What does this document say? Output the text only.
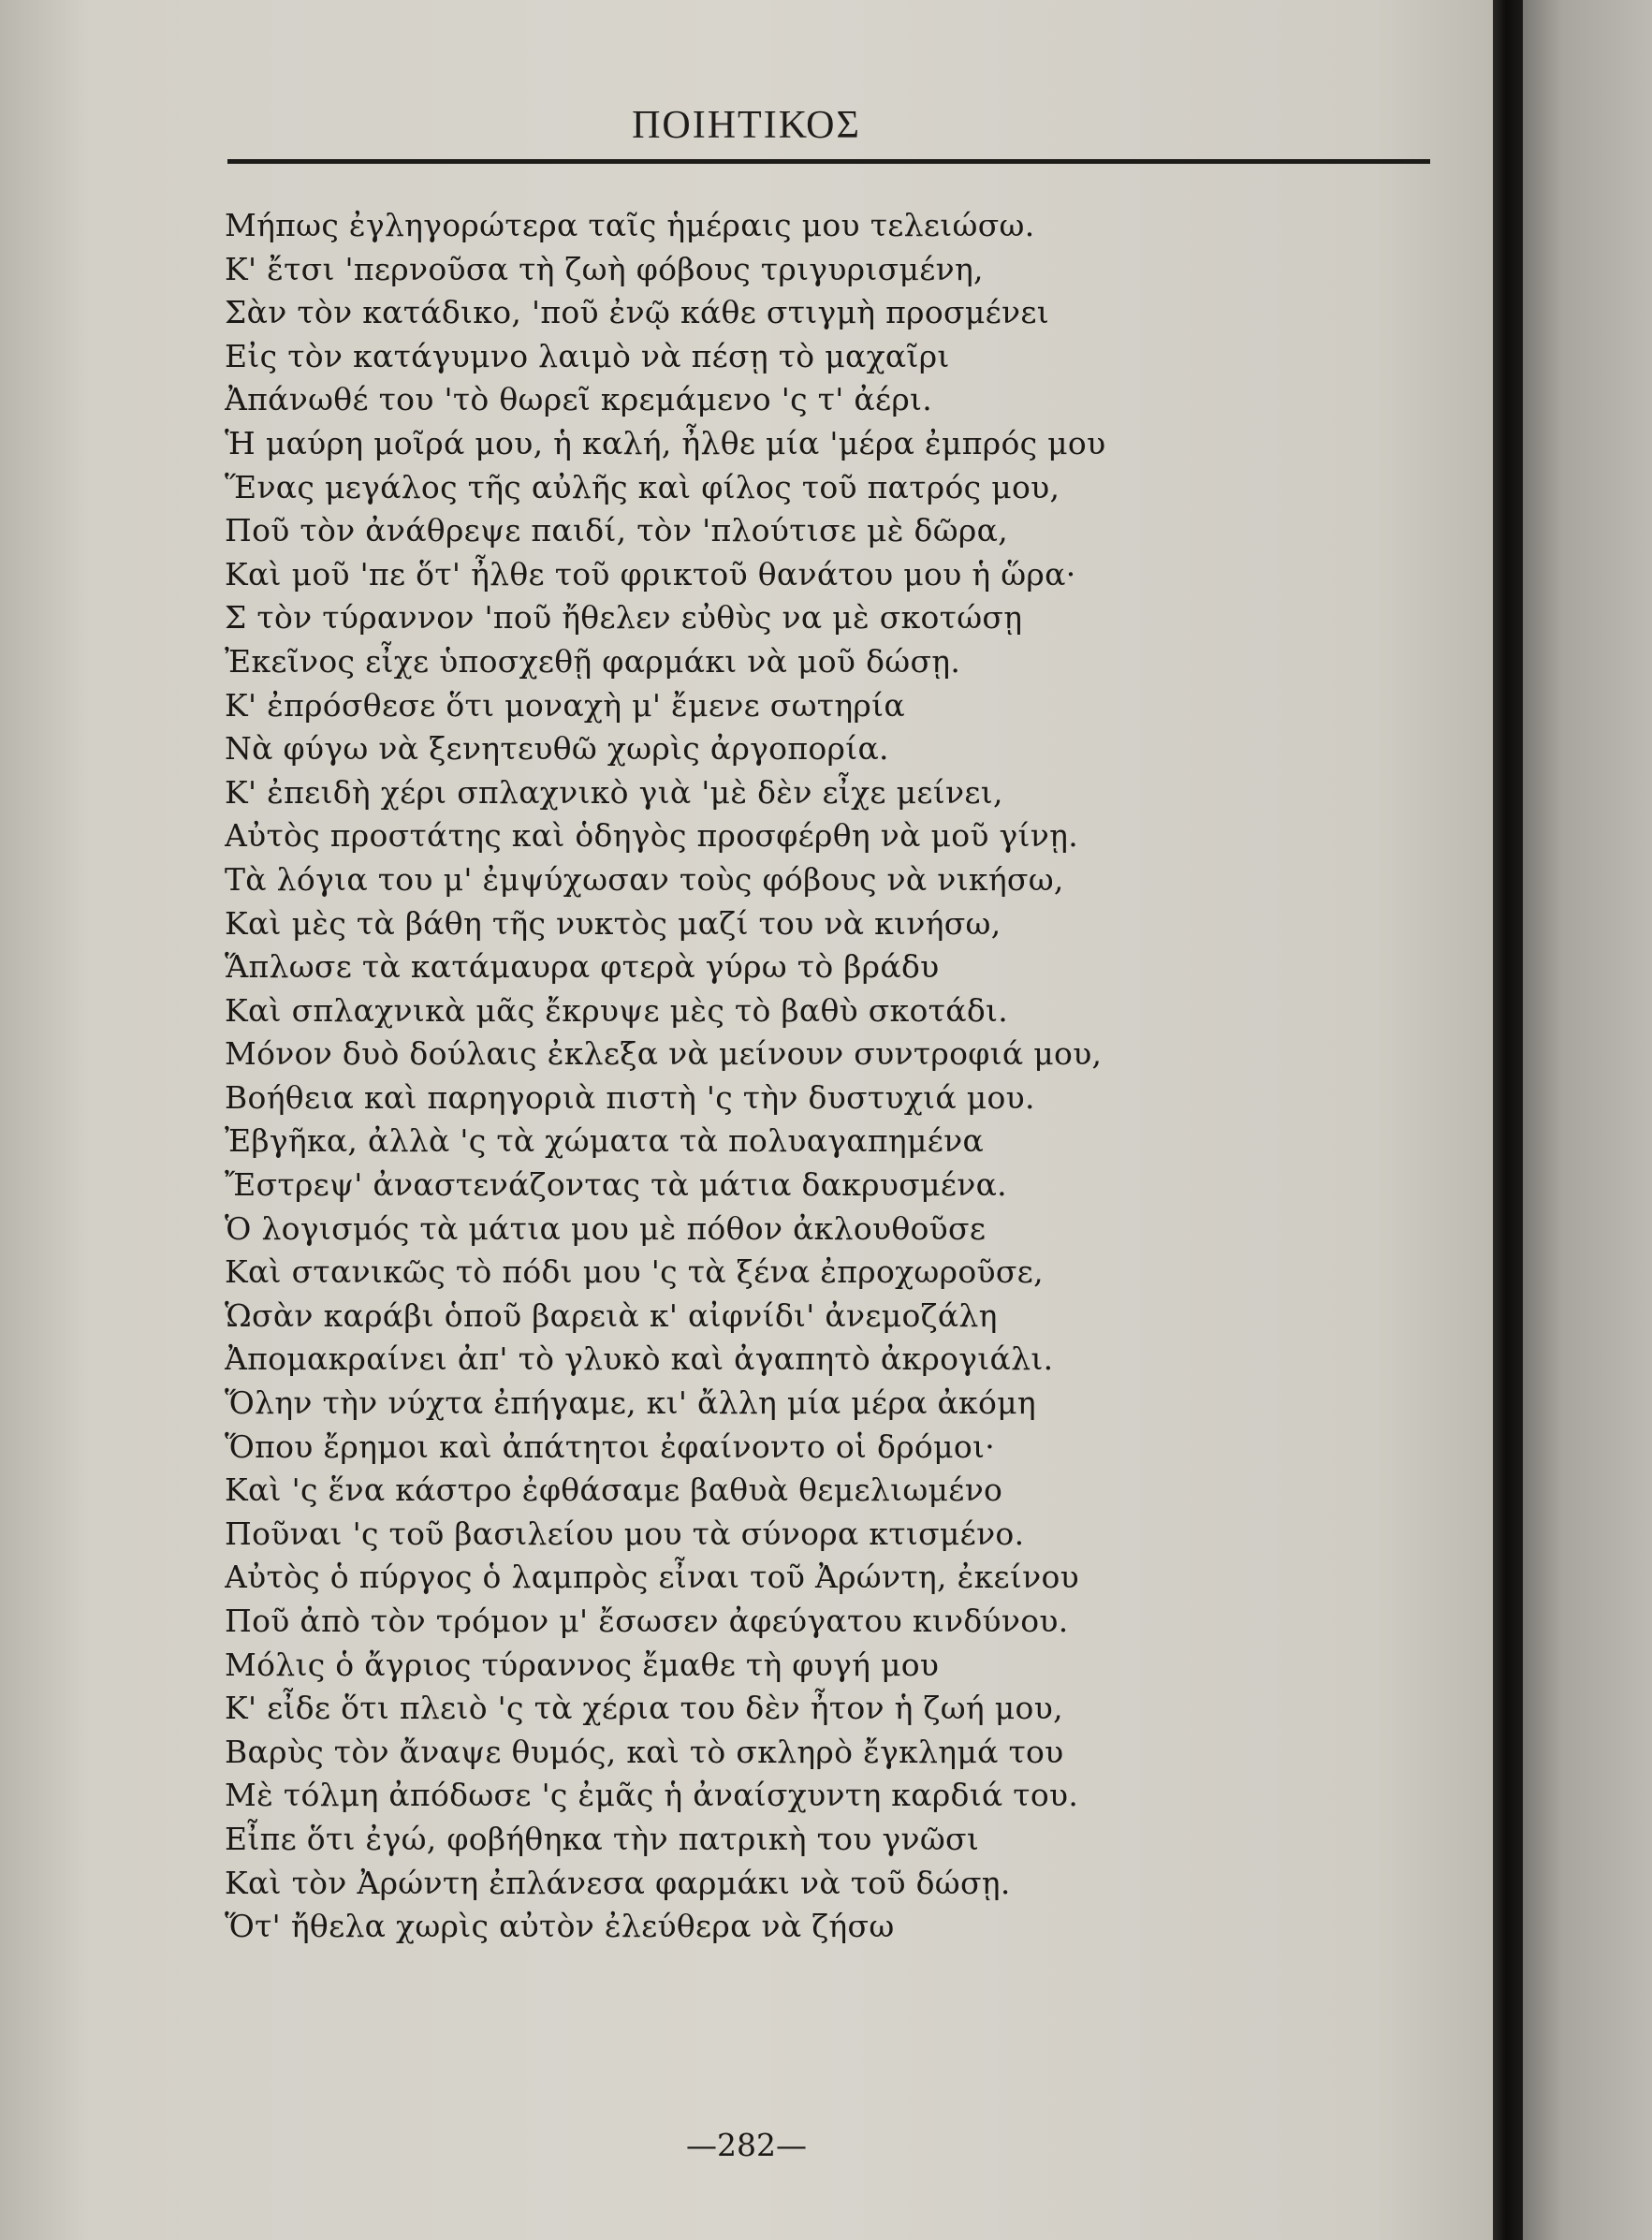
ΠΟΙΗΤΙΚΟΣ
Μήπως ἐγληγορώτερα ταῖς ἡμέραις μου τελειώσω.
Κ' ἔτσι 'περνοῦσα τὴ ζωὴ φόβους τριγυρισμένη,
Σὰν τὸν κατάδικο, 'ποῦ ἐνῷ κάθε στιγμὴ προσμένει
Εἰς τὸν κατάγυμνο λαιμὸ νὰ πέσῃ τὸ μαχαῖρι
Ἀπάνωθέ του 'τὸ θωρεῖ κρεμάμενο 'ς τ' ἀέρι.
Ἡ μαύρη μοῖρά μου, ἡ καλή, ἦλθε μία 'μέρα ἐμπρός μου
Ἕνας μεγάλος τῆς αὐλῆς καὶ φίλος τοῦ πατρός μου,
Ποῦ τὸν ἀνάθρεψε παιδί, τὸν 'πλούτισε μὲ δῶρα,
Καὶ μοῦ 'πε ὅτ' ἦλθε τοῦ φρικτοῦ θανάτου μου ἡ ὥρα·
Σ τὸν τύραννον 'ποῦ ἤθελεν εὐθὺς να μὲ σκοτώσῃ
Ἐκεῖνος εἶχε ὑποσχεθῇ φαρμάκι νὰ μοῦ δώσῃ.
Κ' ἐπρόσθεσε ὅτι μοναχὴ μ' ἔμενε σωτηρία
Νὰ φύγω νὰ ξενητευθῶ χωρὶς ἀργοπορία.
Κ' ἐπειδὴ χέρι σπλαχνικὸ γιὰ 'μὲ δὲν εἶχε μείνει,
Αὐτὸς προστάτης καὶ ὁδηγὸς προσφέρθη νὰ μοῦ γίνῃ.
Τὰ λόγια του μ' ἐμψύχωσαν τοὺς φόβους νὰ νικήσω,
Καὶ μὲς τὰ βάθη τῆς νυκτὸς μαζί του νὰ κινήσω,
Ἅπλωσε τὰ κατάμαυρα φτερὰ γύρω τὸ βράδυ
Καὶ σπλαχνικὰ μᾶς ἔκρυψε μὲς τὸ βαθὺ σκοτάδι.
Μόνον δυὸ δούλαις ἐκλεξα νὰ μείνουν συντροφιά μου,
Βοήθεια καὶ παρηγοριὰ πιστὴ 'ς τὴν δυστυχιά μου.
Ἐβγῆκα, ἀλλὰ 'ς τὰ χώματα τὰ πολυαγαπημένα
Ἔστρεψ' ἀναστενάζοντας τὰ μάτια δακρυσμένα.
Ὁ λογισμός τὰ μάτια μου μὲ πόθον ἀκλουθοῦσε
Καὶ στανικῶς τὸ πόδι μου 'ς τὰ ξένα ἐπροχωροῦσε,
Ὡσὰν καράβι ὁποῦ βαρειὰ κ' αἰφνίδι' ἀνεμοζάλη
Ἀπομακραίνει ἀπ' τὸ γλυκὸ καὶ ἀγαπητὸ ἀκρογιάλι.
Ὅλην τὴν νύχτα ἐπήγαμε, κι' ἄλλη μία μέρα ἀκόμη
Ὅπου ἔρημοι καὶ ἀπάτητοι ἐφαίνοντο οἱ δρόμοι·
Καὶ 'ς ἕνα κάστρο ἐφθάσαμε βαθυὰ θεμελιωμένο
Ποῦναι 'ς τοῦ βασιλείου μου τὰ σύνορα κτισμένο.
Αὐτὸς ὁ πύργος ὁ λαμπρὸς εἶναι τοῦ Ἀρώντη, ἐκείνου
Ποῦ ἀπὸ τὸν τρόμον μ' ἔσωσεν ἀφεύγατου κινδύνου.
Μόλις ὁ ἄγριος τύραννος ἔμαθε τὴ φυγή μου
Κ' εἶδε ὅτι πλειὸ 'ς τὰ χέρια του δὲν ἦτον ἡ ζωή μου,
Βαρὺς τὸν ἄναψε θυμός, καὶ τὸ σκληρὸ ἔγκλημά του
Μὲ τόλμη ἀπόδωσε 'ς ἐμᾶς ἡ ἀναίσχυντη καρδιά του.
Εἶπε ὅτι ἐγώ, φοβήθηκα τὴν πατρικὴ του γνῶσι
Καὶ τὸν Ἀρώντη ἐπλάνεσα φαρμάκι νὰ τοῦ δώσῃ.
Ὅτ' ἤθελα χωρὶς αὐτὸν ἐλεύθερα νὰ ζήσω
—282—
